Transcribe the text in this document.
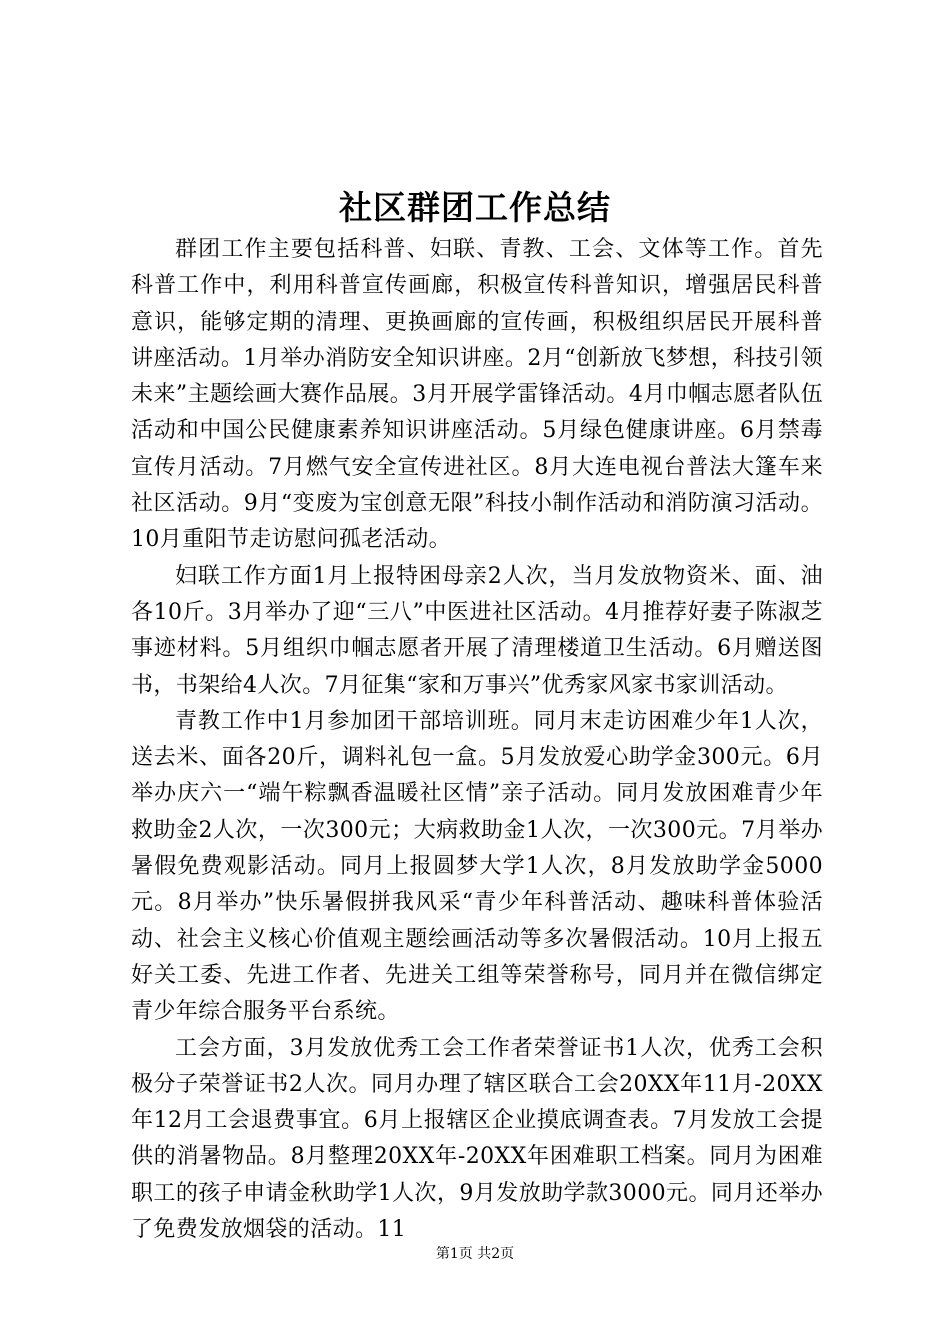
社区群团工作总结

群团工作主要包括科普、妇联、青教、工会、文体等工作。首先科普工作中，利用科普宣传画廊，积极宣传科普知识，增强居民科普意识，能够定期的清理、更换画廊的宣传画，积极组织居民开展科普讲座活动。1月举办消防安全知识讲座。2月“创新放飞梦想，科技引领未来”主题绘画大赛作品展。3月开展学雷锋活动。4月巾帼志愿者队伍活动和中国公民健康素养知识讲座活动。5月绿色健康讲座。6月禁毒宣传月活动。7月燃气安全宣传进社区。8月大连电视台普法大篷车来社区活动。9月“变废为宝创意无限”科技小制作活动和消防演习活动。10月重阳节走访慰问孤老活动。

妇联工作方面1月上报特困母亲2人次，当月发放物资米、面、油各10斤。3月举办了迎“三八”中医进社区活动。4月推荐好妻子陈淑芝事迹材料。5月组织巾帼志愿者开展了清理楼道卫生活动。6月赠送图书，书架给4人次。7月征集“家和万事兴”优秀家风家书家训活动。

青教工作中1月参加团干部培训班。同月末走访困难少年1人次，送去米、面各20斤，调料礼包一盒。5月发放爱心助学金300元。6月举办庆六一“端午粽飘香温暖社区情”亲子活动。同月发放困难青少年救助金2人次，一次300元；大病救助金1人次，一次300元。7月举办暑假免费观影活动。同月上报圆梦大学1人次，8月发放助学金5000元。8月举办”快乐暑假拼我风采“青少年科普活动、趣味科普体验活动、社会主义核心价值观主题绘画活动等多次暑假活动。10月上报五好关工委、先进工作者、先进关工组等荣誉称号，同月并在微信绑定青少年综合服务平台系统。

工会方面，3月发放优秀工会工作者荣誉证书1人次，优秀工会积极分子荣誉证书2人次。同月办理了辖区联合工会20XX年11月-20XX年12月工会退费事宜。6月上报辖区企业摸底调查表。7月发放工会提供的消暑物品。8月整理20XX年-20XX年困难职工档案。同月为困难职工的孩子申请金秋助学1人次，9月发放助学款3000元。同月还举办了免费发放烟袋的活动。11

第1页 共2页
